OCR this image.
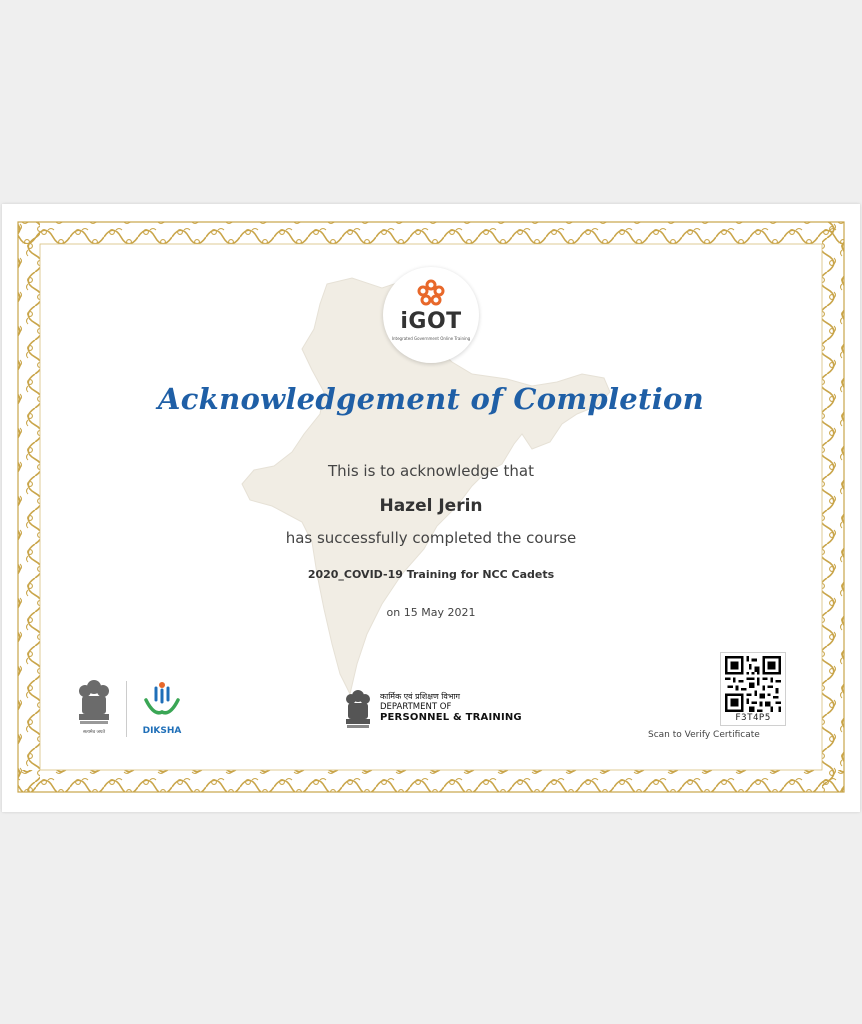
iGOT
Integrated Government Online Training
Acknowledgement of Completion
This is to acknowledge that
Hazel Jerin
has successfully completed the course
2020_COVID-19 Training for NCC Cadets
on 15 May 2021
सत्यमेव जयते	DIKSHA
कार्मिक एवं प्रशिक्षण विभाग
DEPARTMENT OF
PERSONNEL & TRAINING	F3T4P5
Scan to Verify Certificate
